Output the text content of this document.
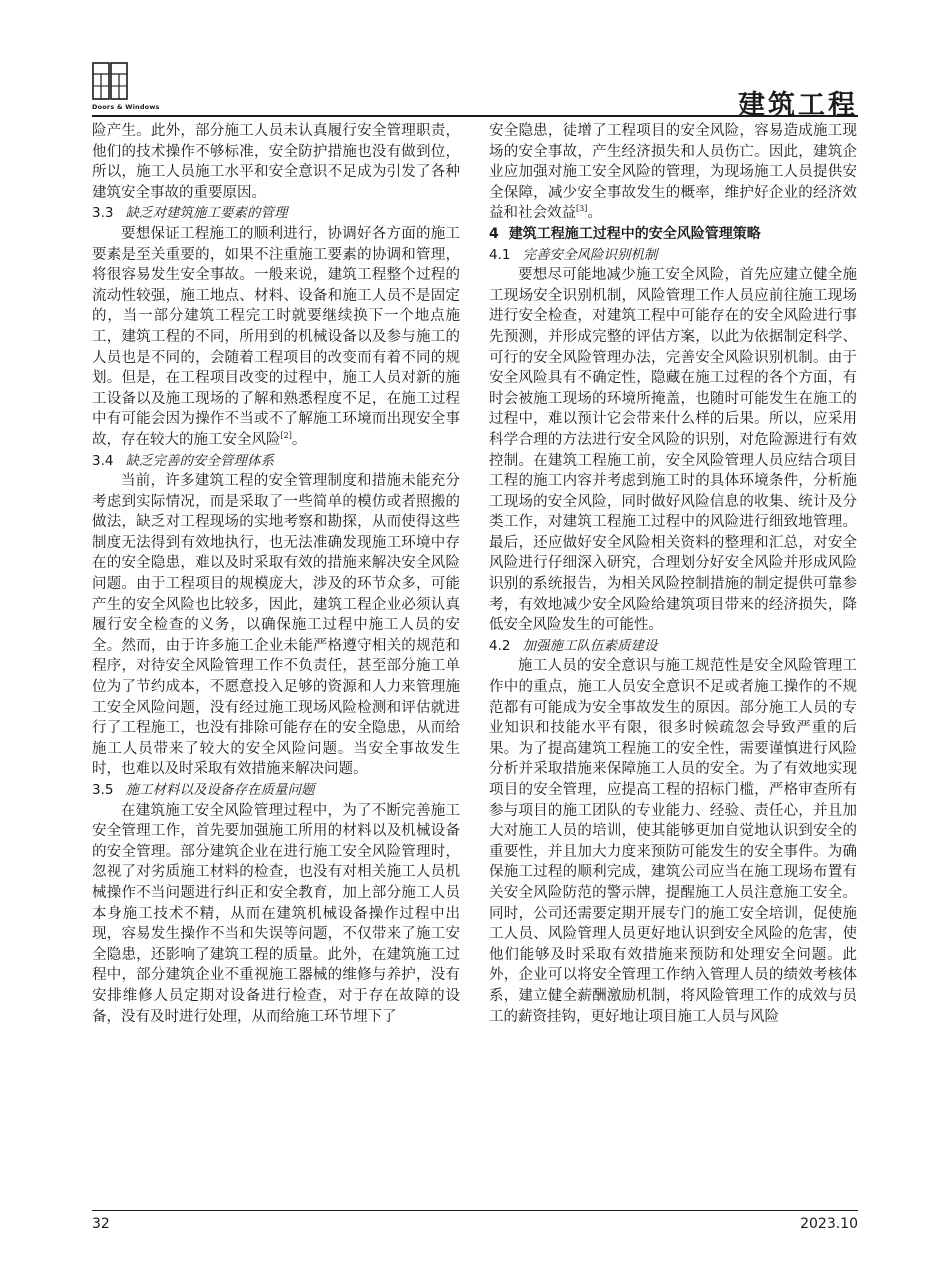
Doors & Windows	建筑工程

险产生。此外，部分施工人员未认真履行安全管理职责，他们的技术操作不够标准，安全防护措施也没有做到位，所以，施工人员施工水平和安全意识不足成为引发了各种建筑安全事故的重要原因。

3.3 缺乏对建筑施工要素的管理

要想保证工程施工的顺利进行，协调好各方面的施工要素是至关重要的，如果不注重施工要素的协调和管理，将很容易发生安全事故。一般来说，建筑工程整个过程的流动性较强，施工地点、材料、设备和施工人员不是固定的，当一部分建筑工程完工时就要继续换下一个地点施工，建筑工程的不同，所用到的机械设备以及参与施工的人员也是不同的，会随着工程项目的改变而有着不同的规划。但是，在工程项目改变的过程中，施工人员对新的施工设备以及施工现场的了解和熟悉程度不足，在施工过程中有可能会因为操作不当或不了解施工环境而出现安全事故，存在较大的施工安全风险[2]。

3.4 缺乏完善的安全管理体系

当前，许多建筑工程的安全管理制度和措施未能充分考虑到实际情况，而是采取了一些简单的模仿或者照搬的做法，缺乏对工程现场的实地考察和勘探，从而使得这些制度无法得到有效地执行，也无法准确发现施工环境中存在的安全隐患，难以及时采取有效的措施来解决安全风险问题。由于工程项目的规模庞大，涉及的环节众多，可能产生的安全风险也比较多，因此，建筑工程企业必须认真履行安全检查的义务，以确保施工过程中施工人员的安全。然而，由于许多施工企业未能严格遵守相关的规范和程序，对待安全风险管理工作不负责任，甚至部分施工单位为了节约成本，不愿意投入足够的资源和人力来管理施工安全风险问题，没有经过施工现场风险检测和评估就进行了工程施工，也没有排除可能存在的安全隐患，从而给施工人员带来了较大的安全风险问题。当安全事故发生时，也难以及时采取有效措施来解决问题。

3.5 施工材料以及设备存在质量问题

在建筑施工安全风险管理过程中，为了不断完善施工安全管理工作，首先要加强施工所用的材料以及机械设备的安全管理。部分建筑企业在进行施工安全风险管理时，忽视了对劣质施工材料的检查，也没有对相关施工人员机械操作不当问题进行纠正和安全教育，加上部分施工人员本身施工技术不精，从而在建筑机械设备操作过程中出现，容易发生操作不当和失误等问题，不仅带来了施工安全隐患，还影响了建筑工程的质量。此外，在建筑施工过程中，部分建筑企业不重视施工器械的维修与养护，没有安排维修人员定期对设备进行检查，对于存在故障的设备，没有及时进行处理，从而给施工环节埋下了

安全隐患，徒增了工程项目的安全风险，容易造成施工现场的安全事故，产生经济损失和人员伤亡。因此，建筑企业应加强对施工安全风险的管理，为现场施工人员提供安全保障，减少安全事故发生的概率，维护好企业的经济效益和社会效益[3]。

4 建筑工程施工过程中的安全风险管理策略
4.1 完善安全风险识别机制

要想尽可能地减少施工安全风险，首先应建立健全施工现场安全识别机制，风险管理工作人员应前往施工现场进行安全检查，对建筑工程中可能存在的安全风险进行事先预测，并形成完整的评估方案，以此为依据制定科学、可行的安全风险管理办法，完善安全风险识别机制。由于安全风险具有不确定性，隐藏在施工过程的各个方面，有时会被施工现场的环境所掩盖，也随时可能发生在施工的过程中，难以预计它会带来什么样的后果。所以，应采用科学合理的方法进行安全风险的识别，对危险源进行有效控制。在建筑工程施工前，安全风险管理人员应结合项目工程的施工内容并考虑到施工时的具体环境条件，分析施工现场的安全风险，同时做好风险信息的收集、统计及分类工作，对建筑工程施工过程中的风险进行细致地管理。最后，还应做好安全风险相关资料的整理和汇总，对安全风险进行仔细深入研究，合理划分好安全风险并形成风险识别的系统报告，为相关风险控制措施的制定提供可靠参考，有效地减少安全风险给建筑项目带来的经济损失，降低安全风险发生的可能性。

4.2 加强施工队伍素质建设

施工人员的安全意识与施工规范性是安全风险管理工作中的重点，施工人员安全意识不足或者施工操作的不规范都有可能成为安全事故发生的原因。部分施工人员的专业知识和技能水平有限，很多时候疏忽会导致严重的后果。为了提高建筑工程施工的安全性，需要谨慎进行风险分析并采取措施来保障施工人员的安全。为了有效地实现项目的安全管理，应提高工程的招标门槛，严格审查所有参与项目的施工团队的专业能力、经验、责任心，并且加大对施工人员的培训，使其能够更加自觉地认识到安全的重要性，并且加大力度来预防可能发生的安全事件。为确保施工过程的顺利完成，建筑公司应当在施工现场布置有关安全风险防范的警示牌，提醒施工人员注意施工安全。同时，公司还需要定期开展专门的施工安全培训，促使施工人员、风险管理人员更好地认识到安全风险的危害，使他们能够及时采取有效措施来预防和处理安全问题。此外，企业可以将安全管理工作纳入管理人员的绩效考核体系，建立健全薪酬激励机制，将风险管理工作的成效与员工的薪资挂钩，更好地让项目施工人员与风险

32	2023.10
